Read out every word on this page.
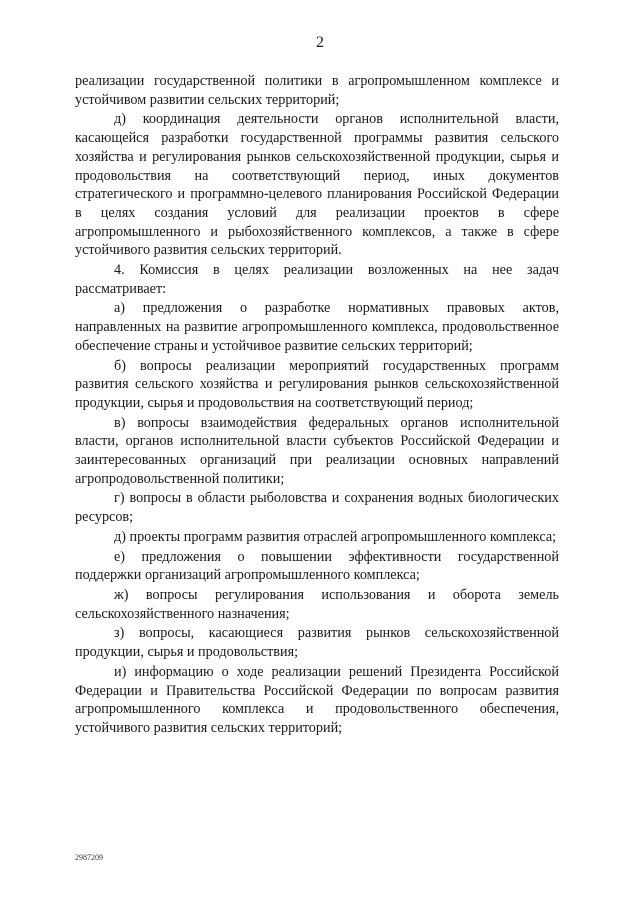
2

реализации государственной политики в агропромышленном комплексе и устойчивом развитии сельских территорий;

д) координация деятельности органов исполнительной власти, касающейся разработки государственной программы развития сельского хозяйства и регулирования рынков сельскохозяйственной продукции, сырья и продовольствия на соответствующий период, иных документов стратегического и программно-целевого планирования Российской Федерации в целях создания условий для реализации проектов в сфере агропромышленного и рыбохозяйственного комплексов, а также в сфере устойчивого развития сельских территорий.

4. Комиссия в целях реализации возложенных на нее задач рассматривает:

а) предложения о разработке нормативных правовых актов, направленных на развитие агропромышленного комплекса, продовольственное обеспечение страны и устойчивое развитие сельских территорий;

б) вопросы реализации мероприятий государственных программ развития сельского хозяйства и регулирования рынков сельскохозяйственной продукции, сырья и продовольствия на соответствующий период;

в) вопросы взаимодействия федеральных органов исполнительной власти, органов исполнительной власти субъектов Российской Федерации и заинтересованных организаций при реализации основных направлений агропродовольственной политики;

г) вопросы в области рыболовства и сохранения водных биологических ресурсов;

д) проекты программ развития отраслей агропромышленного комплекса;

е) предложения о повышении эффективности государственной поддержки организаций агропромышленного комплекса;

ж) вопросы регулирования использования и оборота земель сельскохозяйственного назначения;

з) вопросы, касающиеся развития рынков сельскохозяйственной продукции, сырья и продовольствия;

и) информацию о ходе реализации решений Президента Российской Федерации и Правительства Российской Федерации по вопросам развития агропромышленного комплекса и продовольственного обеспечения, устойчивого развития сельских территорий;

2987209
